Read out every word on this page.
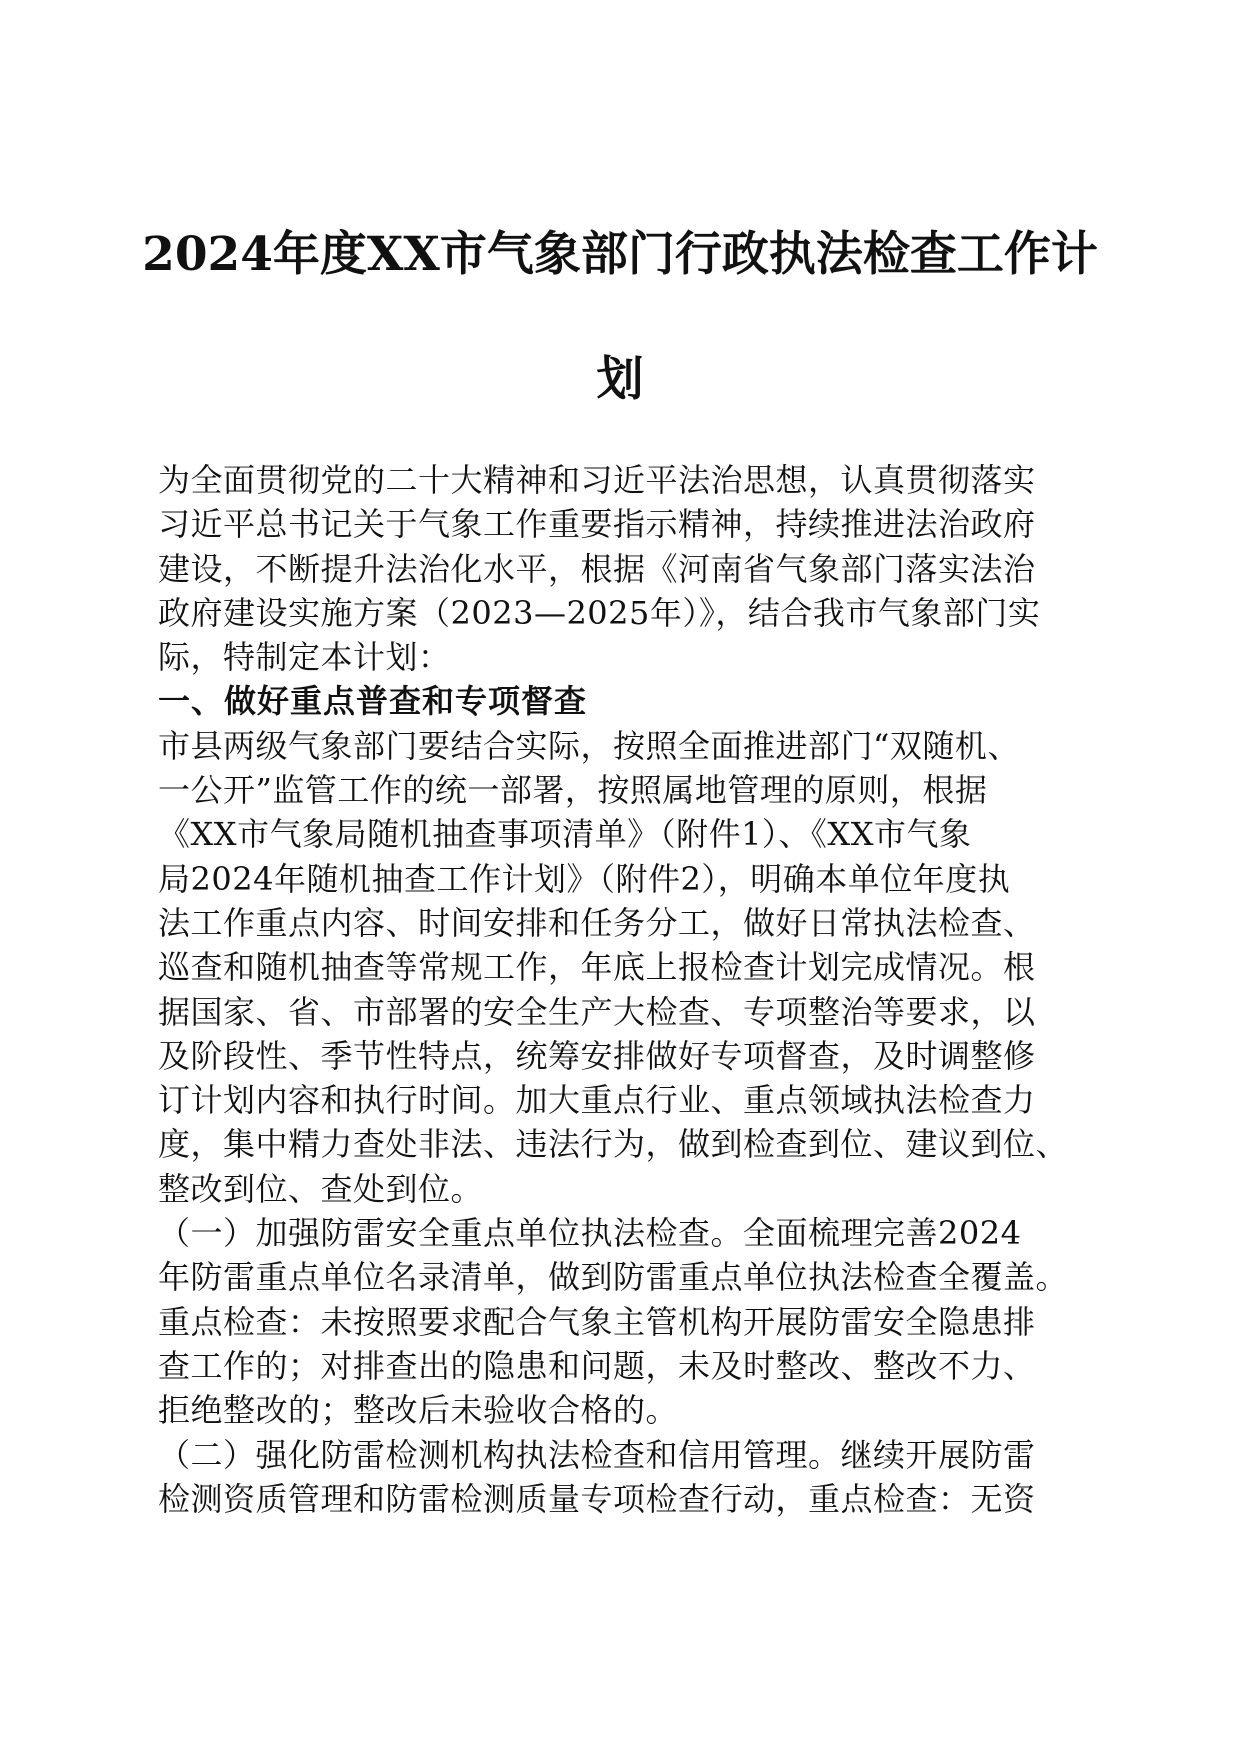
2024年度XX市气象部门行政执法检查工作计
划
为全面贯彻党的二十大精神和习近平法治思想，认真贯彻落实
习近平总书记关于气象工作重要指示精神，持续推进法治政府
建设，不断提升法治化水平，根据《河南省气象部门落实法治
政府建设实施方案（2023—2025年）》，结合我市气象部门实
际，特制定本计划：
一、做好重点普查和专项督查
市县两级气象部门要结合实际，按照全面推进部门“双随机、
一公开”监管工作的统一部署，按照属地管理的原则，根据
《XX市气象局随机抽查事项清单》（附件1）、《XX市气象
局2024年随机抽查工作计划》（附件2），明确本单位年度执
法工作重点内容、时间安排和任务分工，做好日常执法检查、
巡查和随机抽查等常规工作，年底上报检查计划完成情况。根
据国家、省、市部署的安全生产大检查、专项整治等要求，以
及阶段性、季节性特点，统筹安排做好专项督查，及时调整修
订计划内容和执行时间。加大重点行业、重点领域执法检查力
度，集中精力查处非法、违法行为，做到检查到位、建议到位、
整改到位、查处到位。
（一）加强防雷安全重点单位执法检查。全面梳理完善2024
年防雷重点单位名录清单，做到防雷重点单位执法检查全覆盖。
重点检查：未按照要求配合气象主管机构开展防雷安全隐患排
查工作的；对排查出的隐患和问题，未及时整改、整改不力、
拒绝整改的；整改后未验收合格的。
（二）强化防雷检测机构执法检查和信用管理。继续开展防雷
检测资质管理和防雷检测质量专项检查行动，重点检查：无资
